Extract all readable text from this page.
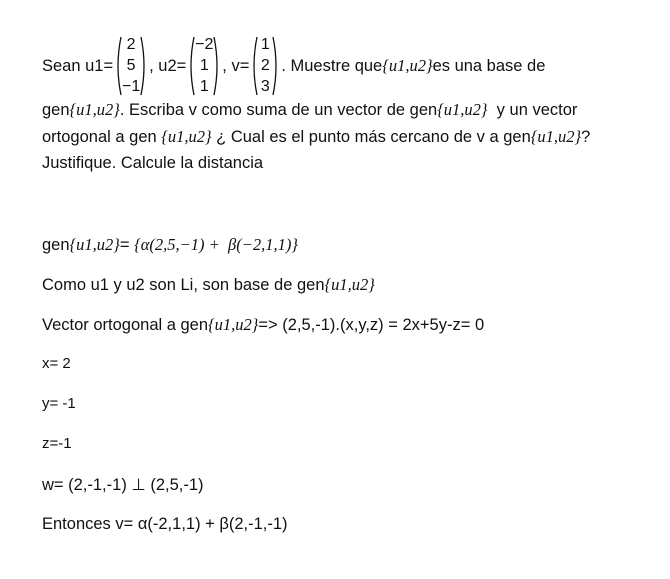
Sean u1=
2
5
−1
, u2=
−2
1
1
, v=
1
2
3
. Muestre que {u1,u2} es una base de
gen{u1,u2}. Escriba v como suma de un vector de gen{u1,u2}  y un vector
ortogonal a gen {u1,u2} ¿ Cual es el punto más cercano de v a gen{u1,u2}?
Justifique. Calcule la distancia
gen{u1,u2}= {α(2,5,−1) +  β(−2,1,1)}
Como u1 y u2 son Li, son base de gen{u1,u2}
Vector ortogonal a gen{u1,u2}=> (2,5,-1).(x,y,z) = 2x+5y-z= 0
x= 2
y= -1
z=-1
w= (2,-1,-1) ⊥ (2,5,-1)
Entonces v= α(-2,1,1) + β(2,-1,-1)
